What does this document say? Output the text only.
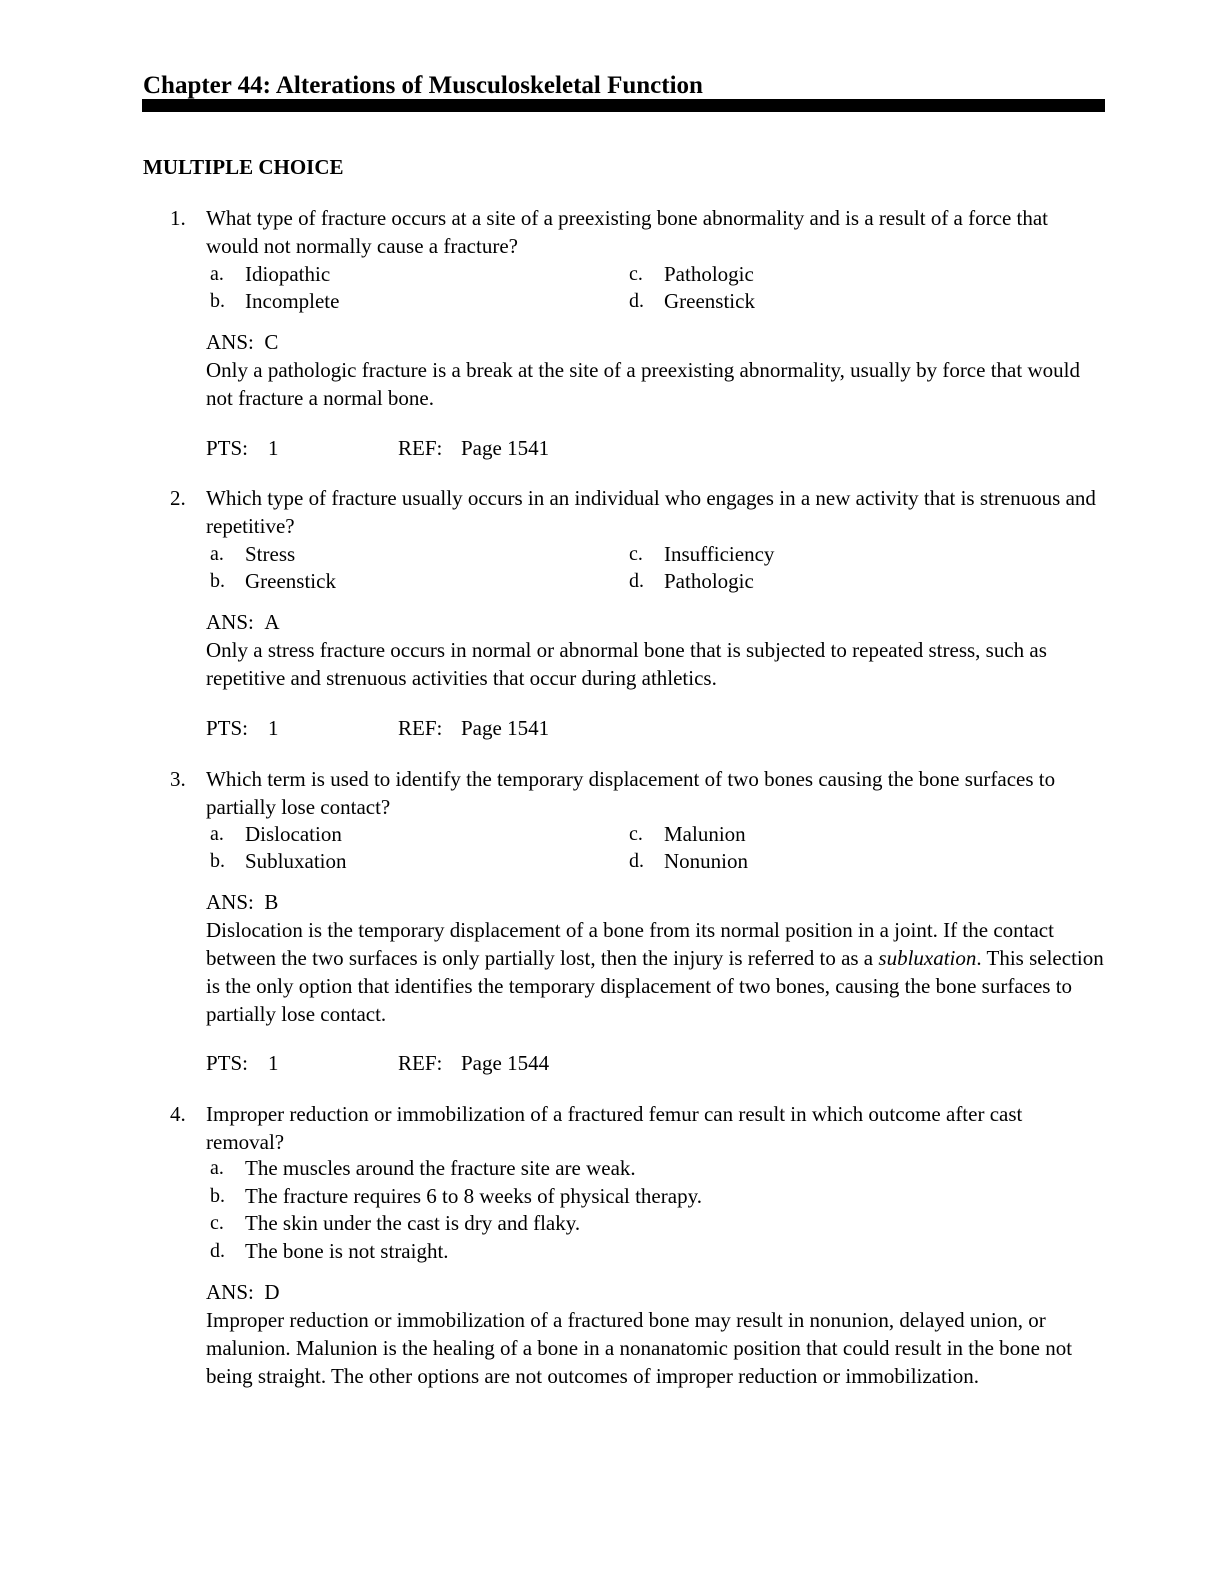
Chapter 44: Alterations of Musculoskeletal Function
MULTIPLE CHOICE
1. What type of fracture occurs at a site of a preexisting bone abnormality and is a result of a force that would not normally cause a fracture?
a. Idiopathic
b. Incomplete
c. Pathologic
d. Greenstick
ANS: C
Only a pathologic fracture is a break at the site of a preexisting abnormality, usually by force that would not fracture a normal bone.
PTS: 1	REF: Page 1541
2. Which type of fracture usually occurs in an individual who engages in a new activity that is strenuous and repetitive?
a. Stress
b. Greenstick
c. Insufficiency
d. Pathologic
ANS: A
Only a stress fracture occurs in normal or abnormal bone that is subjected to repeated stress, such as repetitive and strenuous activities that occur during athletics.
PTS: 1	REF: Page 1541
3. Which term is used to identify the temporary displacement of two bones causing the bone surfaces to partially lose contact?
a. Dislocation
b. Subluxation
c. Malunion
d. Nonunion
ANS: B
Dislocation is the temporary displacement of a bone from its normal position in a joint. If the contact between the two surfaces is only partially lost, then the injury is referred to as a subluxation. This selection is the only option that identifies the temporary displacement of two bones, causing the bone surfaces to partially lose contact.
PTS: 1	REF: Page 1544
4. Improper reduction or immobilization of a fractured femur can result in which outcome after cast removal?
a. The muscles around the fracture site are weak.
b. The fracture requires 6 to 8 weeks of physical therapy.
c. The skin under the cast is dry and flaky.
d. The bone is not straight.
ANS: D
Improper reduction or immobilization of a fractured bone may result in nonunion, delayed union, or malunion. Malunion is the healing of a bone in a nonanatomic position that could result in the bone not being straight. The other options are not outcomes of improper reduction or immobilization.
